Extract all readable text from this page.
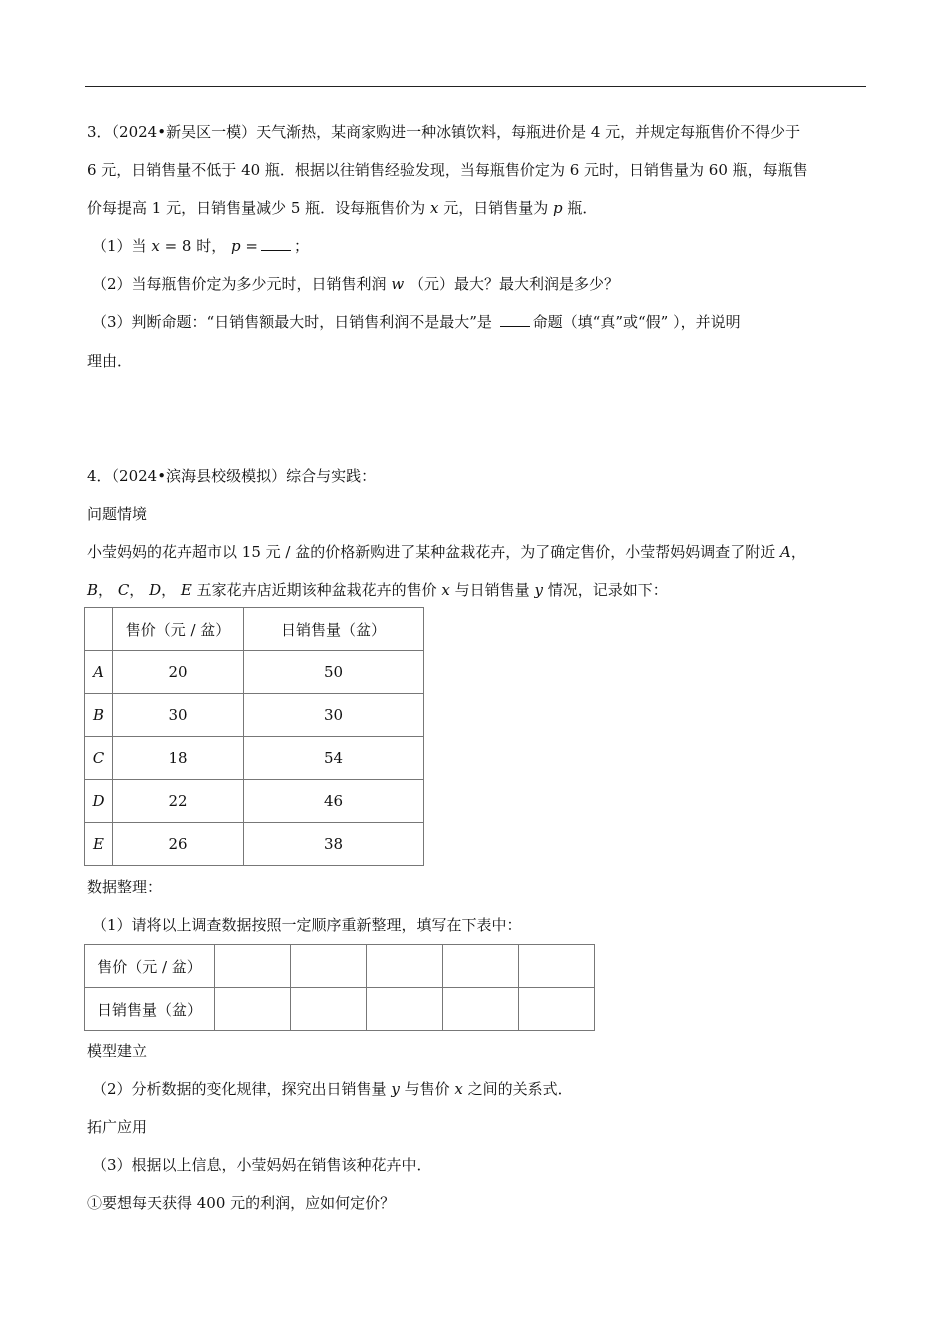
3．（2024•新吴区一模）天气渐热，某商家购进一种冰镇饮料，每瓶进价是 4 元，并规定每瓶售价不得少于
6 元，日销售量不低于 40 瓶．根据以往销售经验发现，当每瓶售价定为 6 元时，日销售量为 60 瓶，每瓶售
价每提高 1 元，日销售量减少 5 瓶．设每瓶售价为 x 元，日销售量为 p 瓶．
（1）当 x = 8 时， p = ；
（2）当每瓶售价定为多少元时，日销售利润 w （元）最大？最大利润是多少？
（3）判断命题：“日销售额最大时，日销售利润不是最大”是	命题（填“真”或“假” ），并说明
理由．
4．（2024•滨海县校级模拟）综合与实践：
问题情境
小莹妈妈的花卉超市以 15 元 / 盆的价格新购进了某种盆栽花卉，为了确定售价，小莹帮妈妈调查了附近 A，
B， C， D， E 五家花卉店近期该种盆栽花卉的售价 x 与日销售量 y 情况，记录如下：
	售价（元 / 盆）	日销售量（盆）
A	20	50
B	30	30
C	18	54
D	22	46
E	26	38
数据整理：
（1）请将以上调查数据按照一定顺序重新整理，填写在下表中：
售价（元 / 盆）					
日销售量（盆）					
模型建立
（2）分析数据的变化规律，探究出日销售量 y 与售价 x 之间的关系式．
拓广应用
（3）根据以上信息，小莹妈妈在销售该种花卉中．
①要想每天获得 400 元的利润，应如何定价？
